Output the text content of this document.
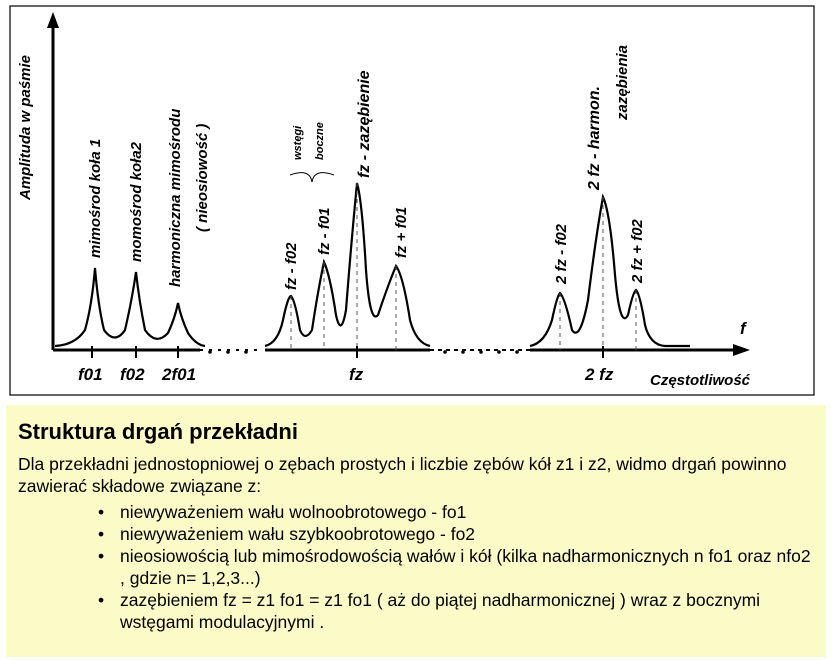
Amplituda w paśmie
f
Częstotliwość
f01 f02 2f01	fz	2 fz
mimośrod koła 1 momośrod koła2 harmoniczna mimośrodu ( nieosiowość )
fz - f02
fz - f01
fz - zazębienie
fz + f01
wstęgi boczne
2 fz - f02
2 fz - harmon.
zazębienia
2 fz + f02
Struktura drgań przekładni
Dla przekładni jednostopniowej o zębach prostych i liczbie zębów kół z1 i z2, widmo drgań powinno zawierać składowe związane z:
• niewyważeniem wału wolnoobrotowego - fo1
• niewyważeniem wału szybkoobrotowego - fo2
• nieosiowością lub mimośrodowością wałów i kół (kilka nadharmonicznych n fo1 oraz nfo2 , gdzie n= 1,2,3...)
• zazębieniem fz = z1 fo1 = z1 fo1 ( aż do piątej nadharmonicznej ) wraz z bocznymi wstęgami modulacyjnymi .
